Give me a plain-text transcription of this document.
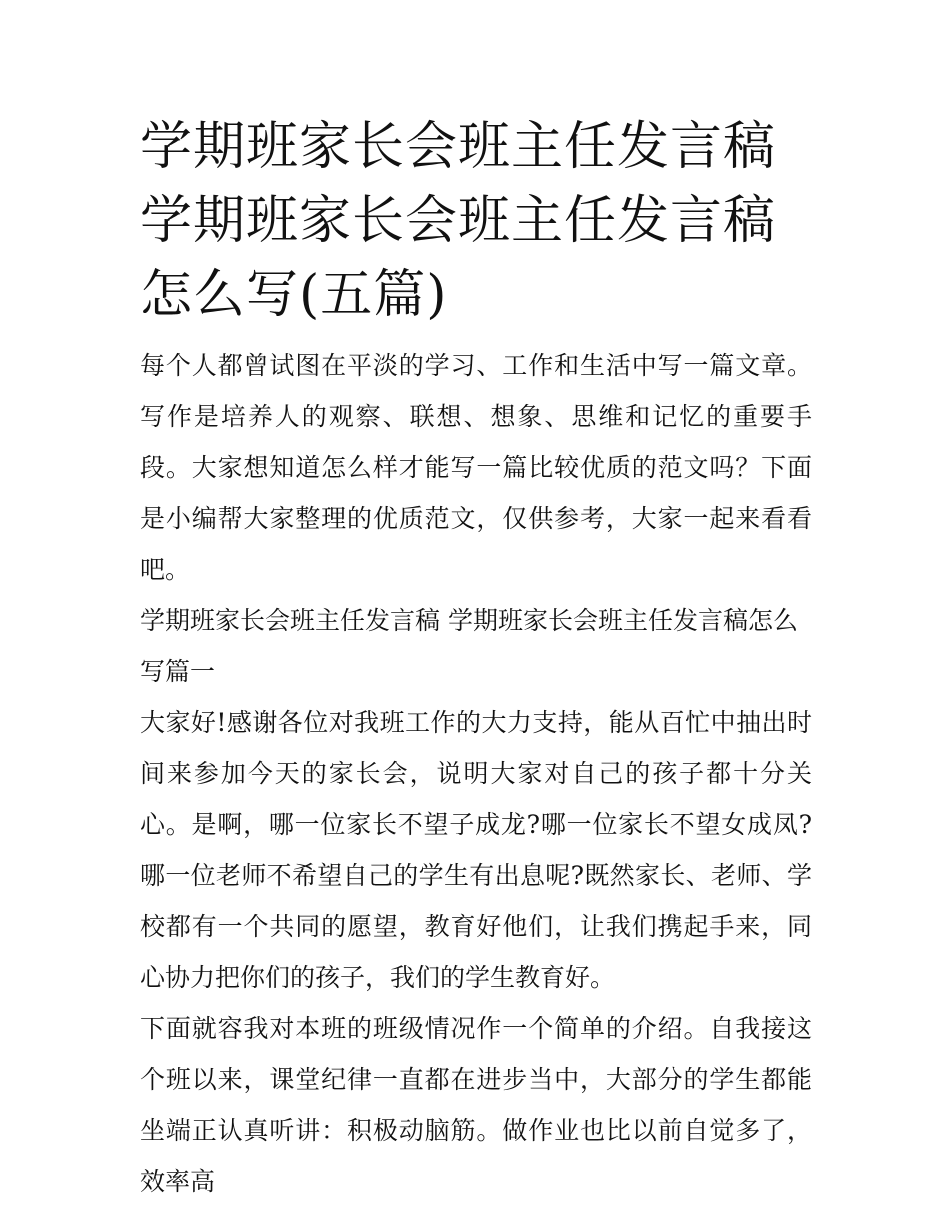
学期班家长会班主任发言稿 学期班家长会班主任发言稿怎么写(五篇)

每个人都曾试图在平淡的学习、工作和生活中写一篇文章。写作是培养人的观察、联想、想象、思维和记忆的重要手段。大家想知道怎么样才能写一篇比较优质的范文吗？下面是小编帮大家整理的优质范文，仅供参考，大家一起来看看吧。

学期班家长会班主任发言稿 学期班家长会班主任发言稿怎么写篇一

大家好!感谢各位对我班工作的大力支持，能从百忙中抽出时间来参加今天的家长会，说明大家对自己的孩子都十分关心。是啊，哪一位家长不望子成龙?哪一位家长不望女成凤?哪一位老师不希望自己的学生有出息呢?既然家长、老师、学校都有一个共同的愿望，教育好他们，让我们携起手来，同心协力把你们的孩子，我们的学生教育好。

下面就容我对本班的班级情况作一个简单的介绍。自我接这个班以来，课堂纪律一直都在进步当中，大部分的学生都能坐端正认真听讲：积极动脑筋。做作业也比以前自觉多了，效率高
